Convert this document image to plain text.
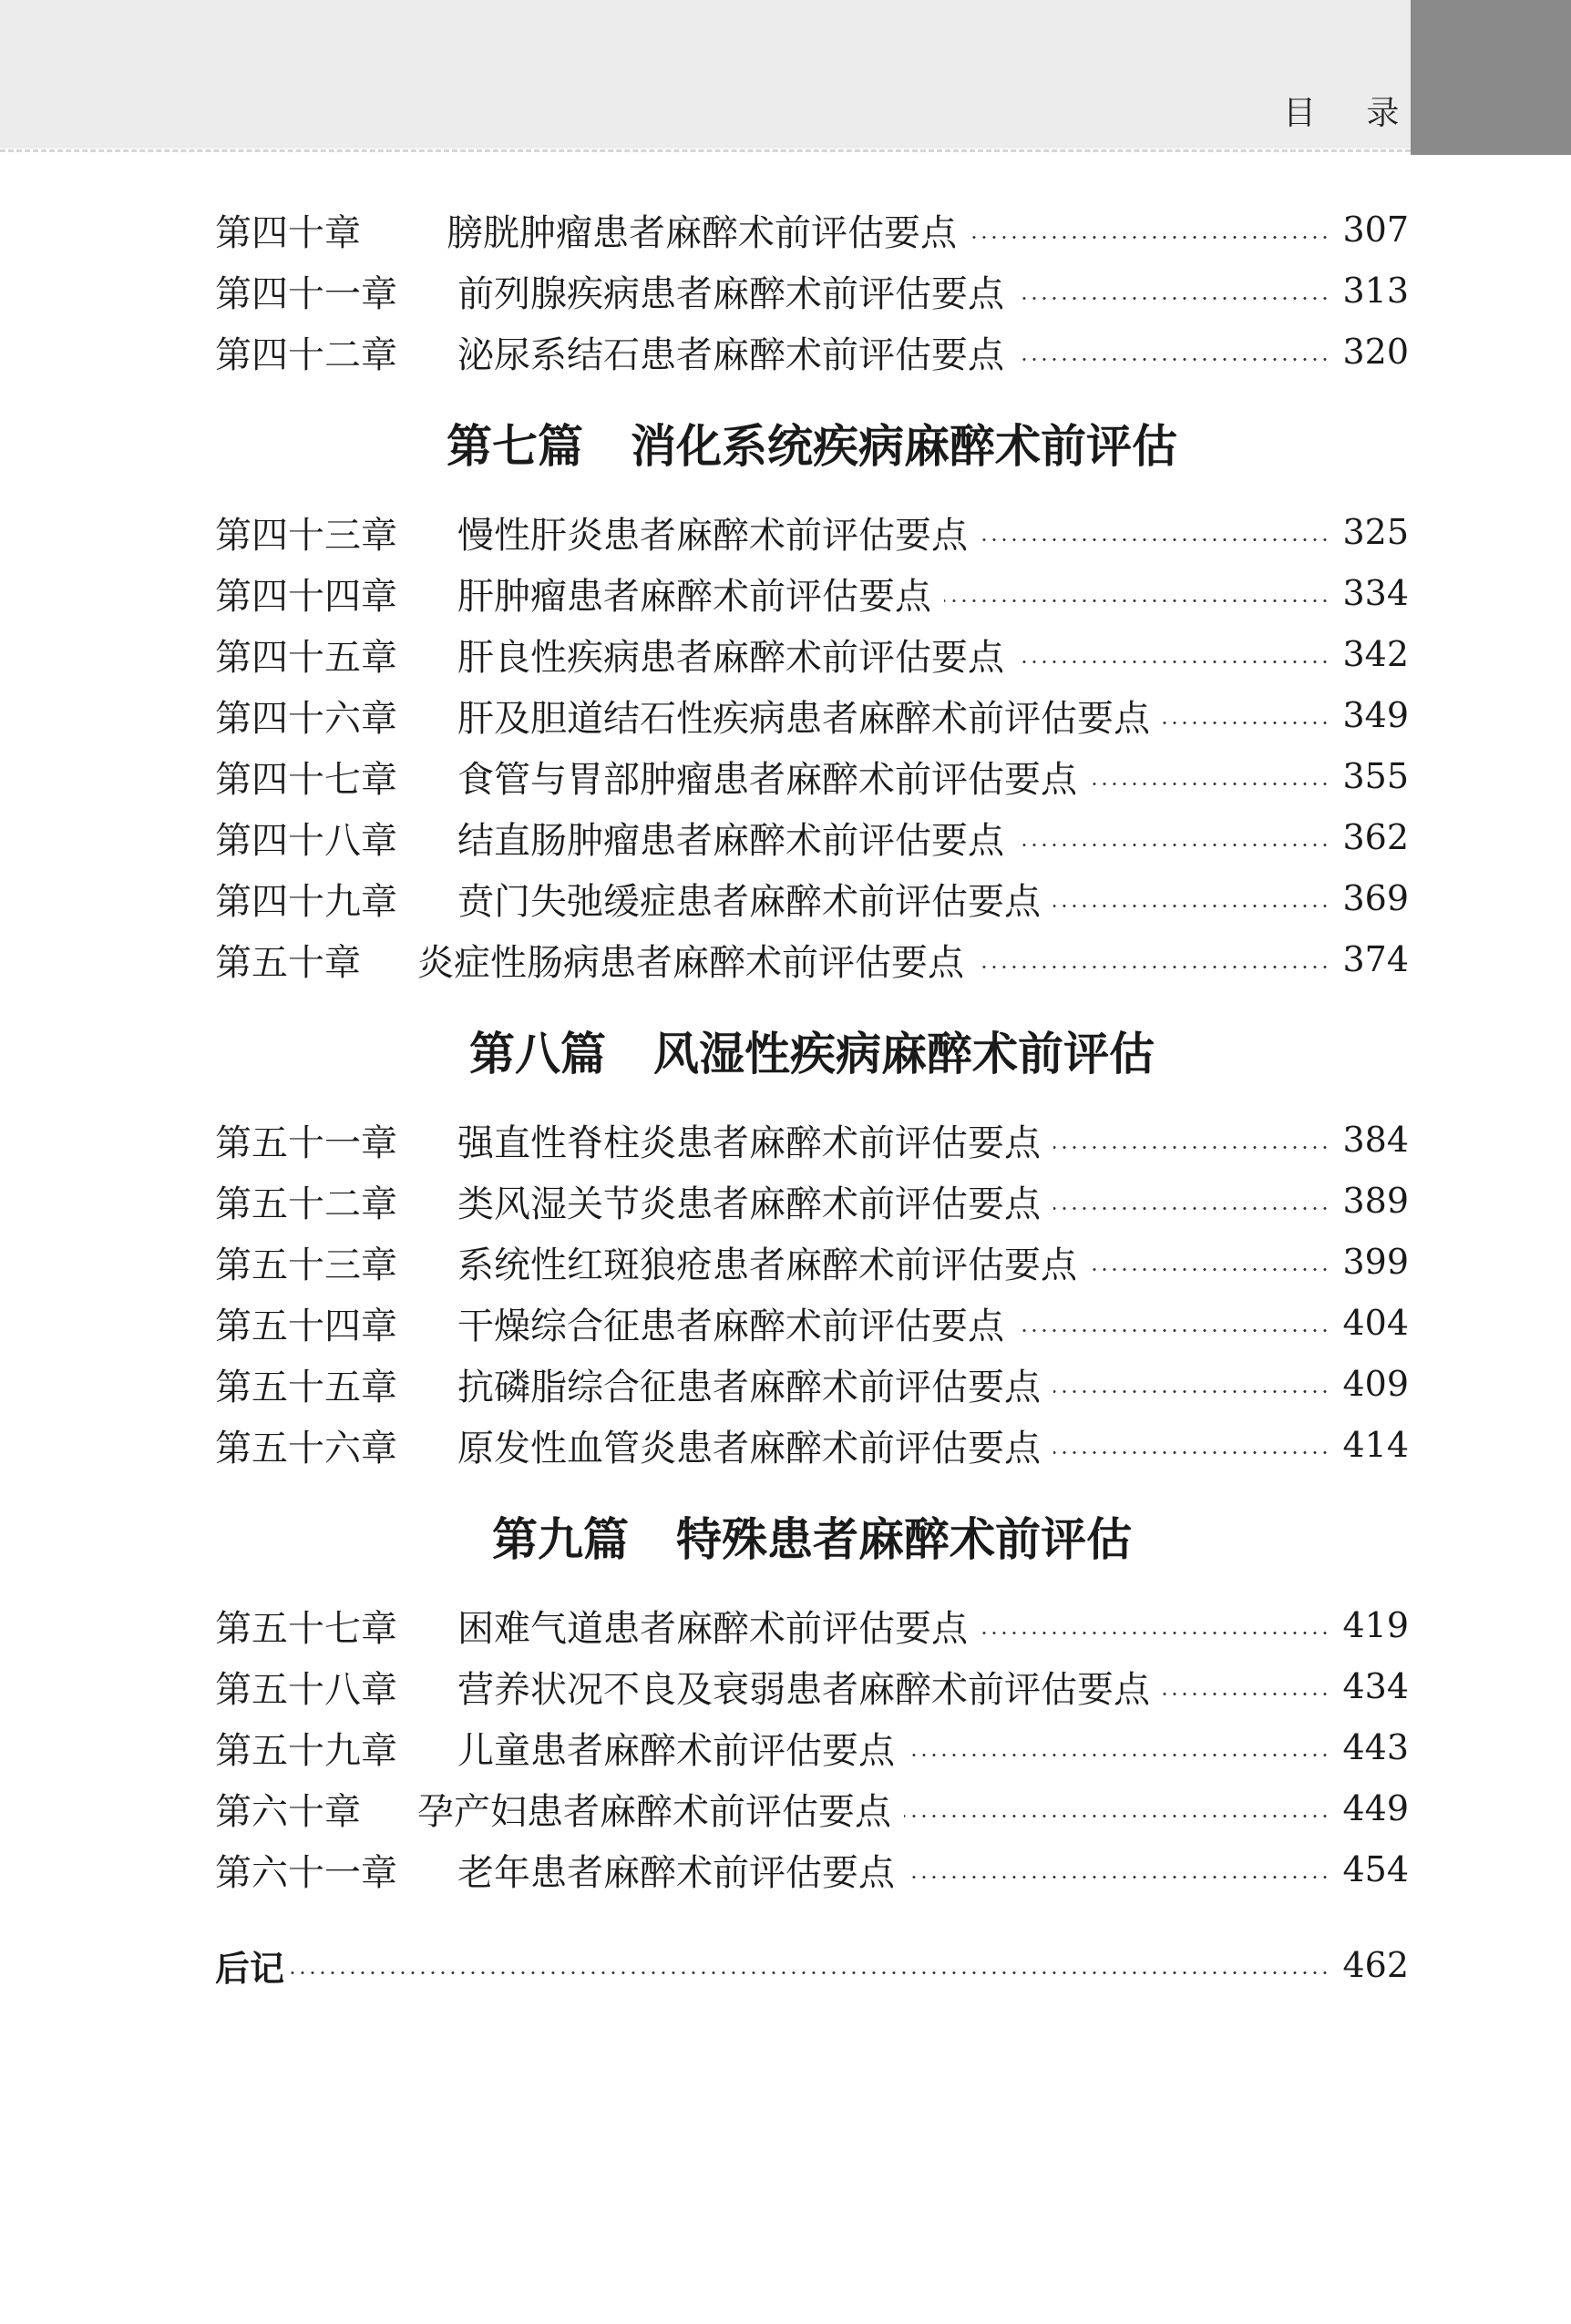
目 录
第四十章	膀胱肿瘤患者麻醉术前评估要点	307
第四十一章	前列腺疾病患者麻醉术前评估要点	313
第四十二章	泌尿系结石患者麻醉术前评估要点	320
第七篇 消化系统疾病麻醉术前评估
第四十三章	慢性肝炎患者麻醉术前评估要点	325
第四十四章	肝肿瘤患者麻醉术前评估要点	334
第四十五章	肝良性疾病患者麻醉术前评估要点	342
第四十六章	肝及胆道结石性疾病患者麻醉术前评估要点	349
第四十七章	食管与胃部肿瘤患者麻醉术前评估要点	355
第四十八章	结直肠肿瘤患者麻醉术前评估要点	362
第四十九章	贲门失弛缓症患者麻醉术前评估要点	369
第五十章	炎症性肠病患者麻醉术前评估要点	374
第八篇 风湿性疾病麻醉术前评估
第五十一章	强直性脊柱炎患者麻醉术前评估要点	384
第五十二章	类风湿关节炎患者麻醉术前评估要点	389
第五十三章	系统性红斑狼疮患者麻醉术前评估要点	399
第五十四章	干燥综合征患者麻醉术前评估要点	404
第五十五章	抗磷脂综合征患者麻醉术前评估要点	409
第五十六章	原发性血管炎患者麻醉术前评估要点	414
第九篇 特殊患者麻醉术前评估
第五十七章	困难气道患者麻醉术前评估要点	419
第五十八章	营养状况不良及衰弱患者麻醉术前评估要点	434
第五十九章	儿童患者麻醉术前评估要点	443
第六十章	孕产妇患者麻醉术前评估要点	449
第六十一章	老年患者麻醉术前评估要点	454
后记	462
